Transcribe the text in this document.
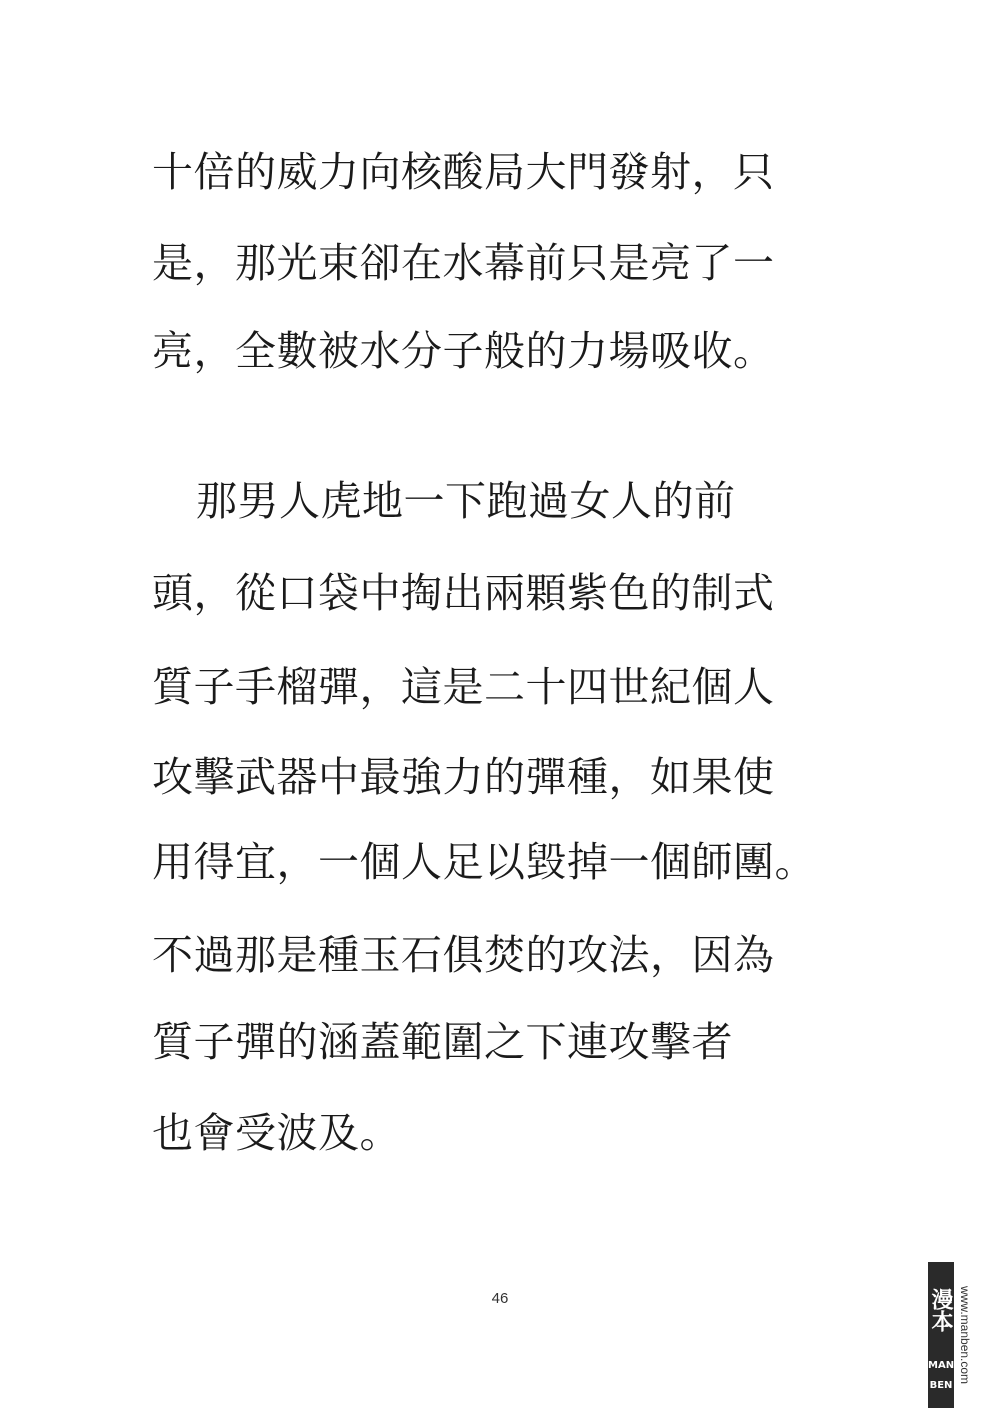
十倍的威力向核酸局大門發射，只
是，那光束卻在水幕前只是亮了一
亮，全數被水分子般的力場吸收。
那男人虎地一下跑過女人的前
頭，從口袋中掏出兩顆紫色的制式
質子手榴彈，這是二十四世紀個人
攻擊武器中最強力的彈種，如果使
用得宜，一個人足以毀掉一個師團。
不過那是種玉石俱焚的攻法，因為
質子彈的涵蓋範圍之下連攻擊者
也會受波及。
46	漫本
MAN
BEN
www.manben.com
